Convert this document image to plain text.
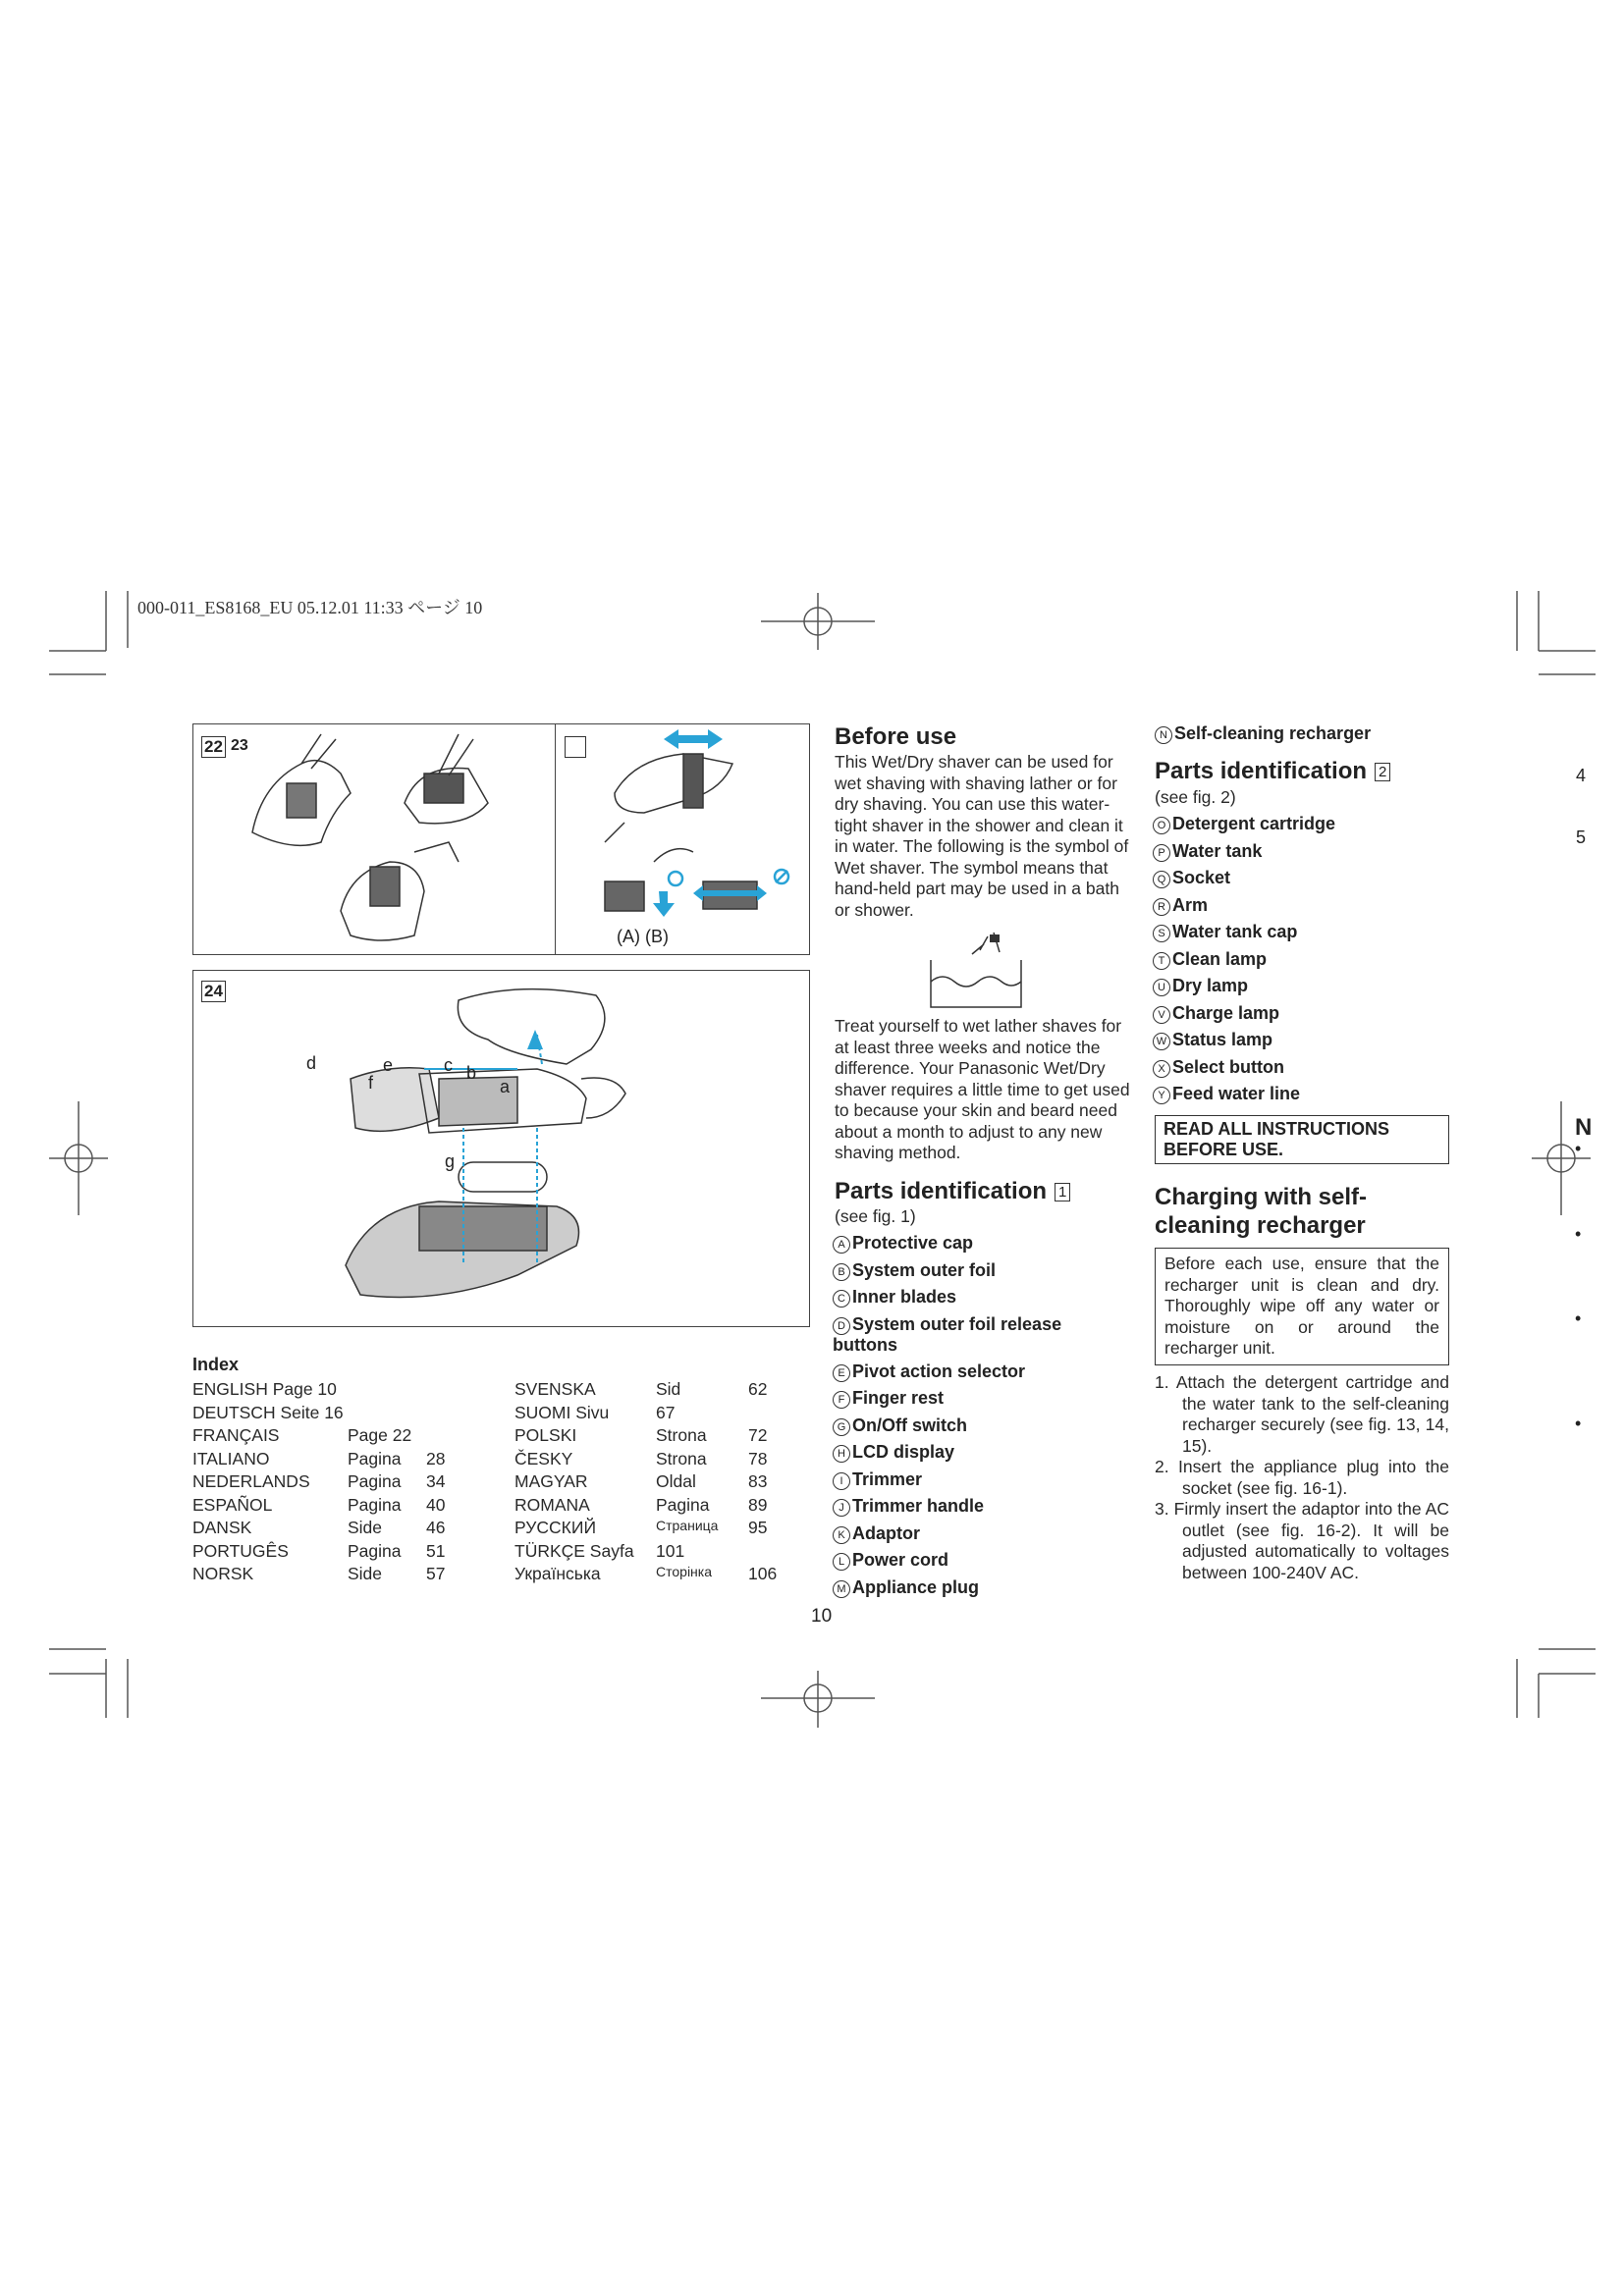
000-011_ES8168_EU 05.12.01 11:33 ページ 10
22 23
(A) (B)
24
d	e
f
c b
a
g
Index
ENGLISH Page 10
DEUTSCH Seite 16
FRANÇAIS	Page 22
ITALIANO	Pagina 28
NEDERLANDS Pagina 34
ESPAÑOL	Pagina 40
DANSK	Side	46
PORTUGÊS	Pagina 51
NORSK	Side	57
SVENSKA	Sid	62
SUOMI Sivu	67
POLSKI	Strona 72
ČESKY	Strona 78
MAGYAR	Oldal	83
ROMANA	Pagina 89
РУССКИЙ	Страница 95
TÜRKÇE Sayfa 101
Українська	Сторінка 106
Before use
This Wet/Dry shaver can be used for wet shaving with shaving lather or for dry shaving. You can use this water-tight shaver in the shower and clean it in water. The following is the symbol of Wet shaver. The symbol means that hand-held part may be used in a bath or shower.
Treat yourself to wet lather shaves for at least three weeks and notice the difference. Your Panasonic Wet/Dry shaver requires a little time to get used to because your skin and beard need about a month to adjust to any new shaving method.
Parts identification 1
(see fig. 1)
A Protective cap
B System outer foil
C Inner blades
D System outer foil release buttons
E Pivot action selector
F Finger rest
G On/Off switch
H LCD display
I Trimmer
J Trimmer handle
K Adaptor
L Power cord
M Appliance plug
10
N Self-cleaning recharger
Parts identification 2
(see fig. 2)
O Detergent cartridge
P Water tank
Q Socket
R Arm
S Water tank cap
T Clean lamp
U Dry lamp
V Charge lamp
W Status lamp
X Select button
Y Feed water line
READ ALL INSTRUCTIONS BEFORE USE.
Charging with self-cleaning recharger
Before each use, ensure that the recharger unit is clean and dry. Thoroughly wipe off any water or moisture on or around the recharger unit.
1. Attach the detergent cartridge and the water tank to the self-cleaning recharger securely (see fig. 13, 14, 15).
2. Insert the appliance plug into the socket (see fig. 16-1).
3. Firmly insert the adaptor into the AC outlet (see fig. 16-2). It will be adjusted automatically to voltages between 100-240V AC.
4
5
N
•
•
•
•
